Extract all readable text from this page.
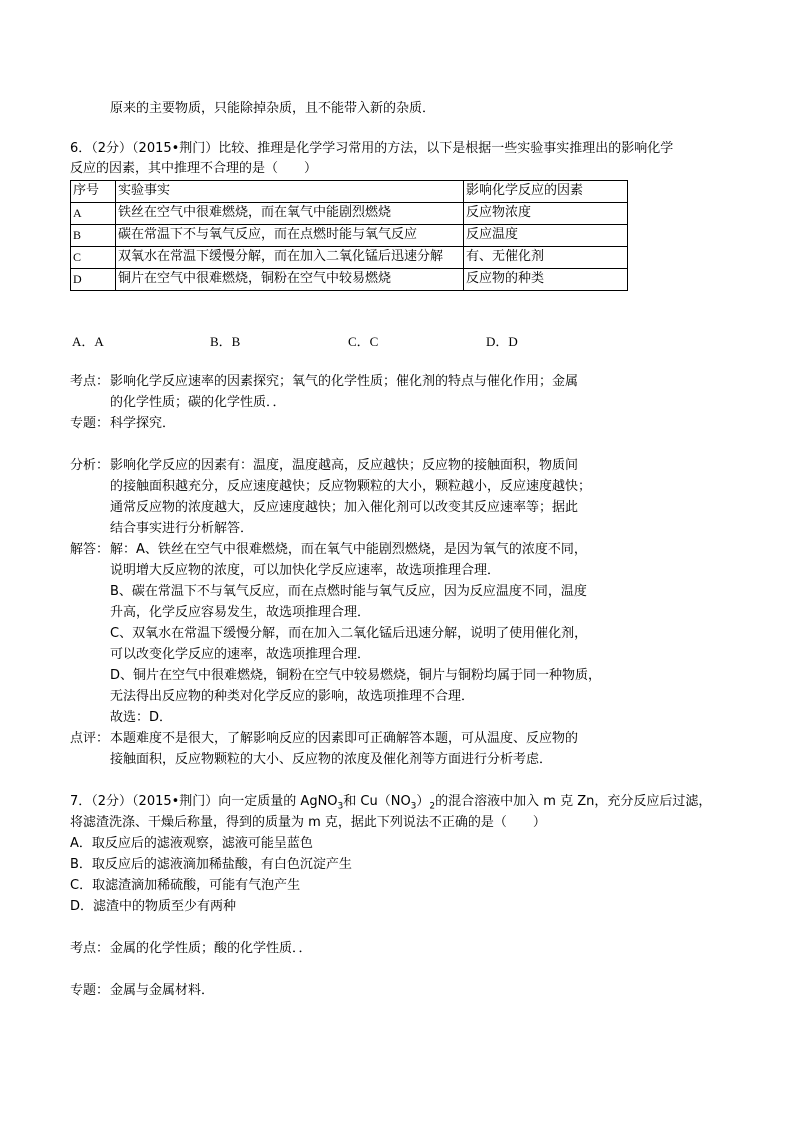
原来的主要物质，只能除掉杂质，且不能带入新的杂质．
6．（2分）（2015•荆门）比较、推理是化学学习常用的方法，以下是根据一些实验事实推理出的影响化学
反应的因素，其中推理不合理的是（　　）
序号	实验事实	影响化学反应的因素
A	铁丝在空气中很难燃烧，而在氧气中能剧烈燃烧	反应物浓度
B	碳在常温下不与氧气反应，而在点燃时能与氧气反应	反应温度
C	双氧水在常温下缓慢分解，而在加入二氧化锰后迅速分解	有、无催化剂
D	铜片在空气中很难燃烧，铜粉在空气中较易燃烧	反应物的种类
A．A	B．B	C．C	D．D
考点： 影响化学反应速率的因素探究；氧气的化学性质；催化剂的特点与催化作用；金属
的化学性质；碳的化学性质．．
专题： 科学探究．
分析： 影响化学反应的因素有：温度，温度越高，反应越快；反应物的接触面积，物质间
的接触面积越充分，反应速度越快；反应物颗粒的大小，颗粒越小，反应速度越快；
通常反应物的浓度越大，反应速度越快；加入催化剂可以改变其反应速率等；据此
结合事实进行分析解答．
解答： 解：A、铁丝在空气中很难燃烧，而在氧气中能剧烈燃烧，是因为氧气的浓度不同，
说明增大反应物的浓度，可以加快化学反应速率，故选项推理合理．
B、碳在常温下不与氧气反应，而在点燃时能与氧气反应，因为反应温度不同，温度
升高，化学反应容易发生，故选项推理合理．
C、双氧水在常温下缓慢分解，而在加入二氧化锰后迅速分解，说明了使用催化剂，
可以改变化学反应的速率，故选项推理合理．
D、铜片在空气中很难燃烧，铜粉在空气中较易燃烧，铜片与铜粉均属于同一种物质，
无法得出反应物的种类对化学反应的影响，故选项推理不合理．
故选：D．
点评： 本题难度不是很大，了解影响反应的因素即可正确解答本题，可从温度、反应物的
接触面积，反应物颗粒的大小、反应物的浓度及催化剂等方面进行分析考虑．
7．（2分）（2015•荆门）向一定质量的 AgNO$_3$和 $Cu(NO_3)_2$的混合溶液中加入 m 克 Zn，充分反应后过滤，
将滤渣洗涤、干燥后称量，得到的质量为 m 克，据此下列说法不正确的是（　　）
A．取反应后的滤液观察，滤液可能呈蓝色
B．取反应后的滤液滴加稀盐酸，有白色沉淀产生
C．取滤渣滴加稀硫酸，可能有气泡产生
D．滤渣中的物质至少有两种
考点： 金属的化学性质；酸的化学性质．．
专题： 金属与金属材料．
